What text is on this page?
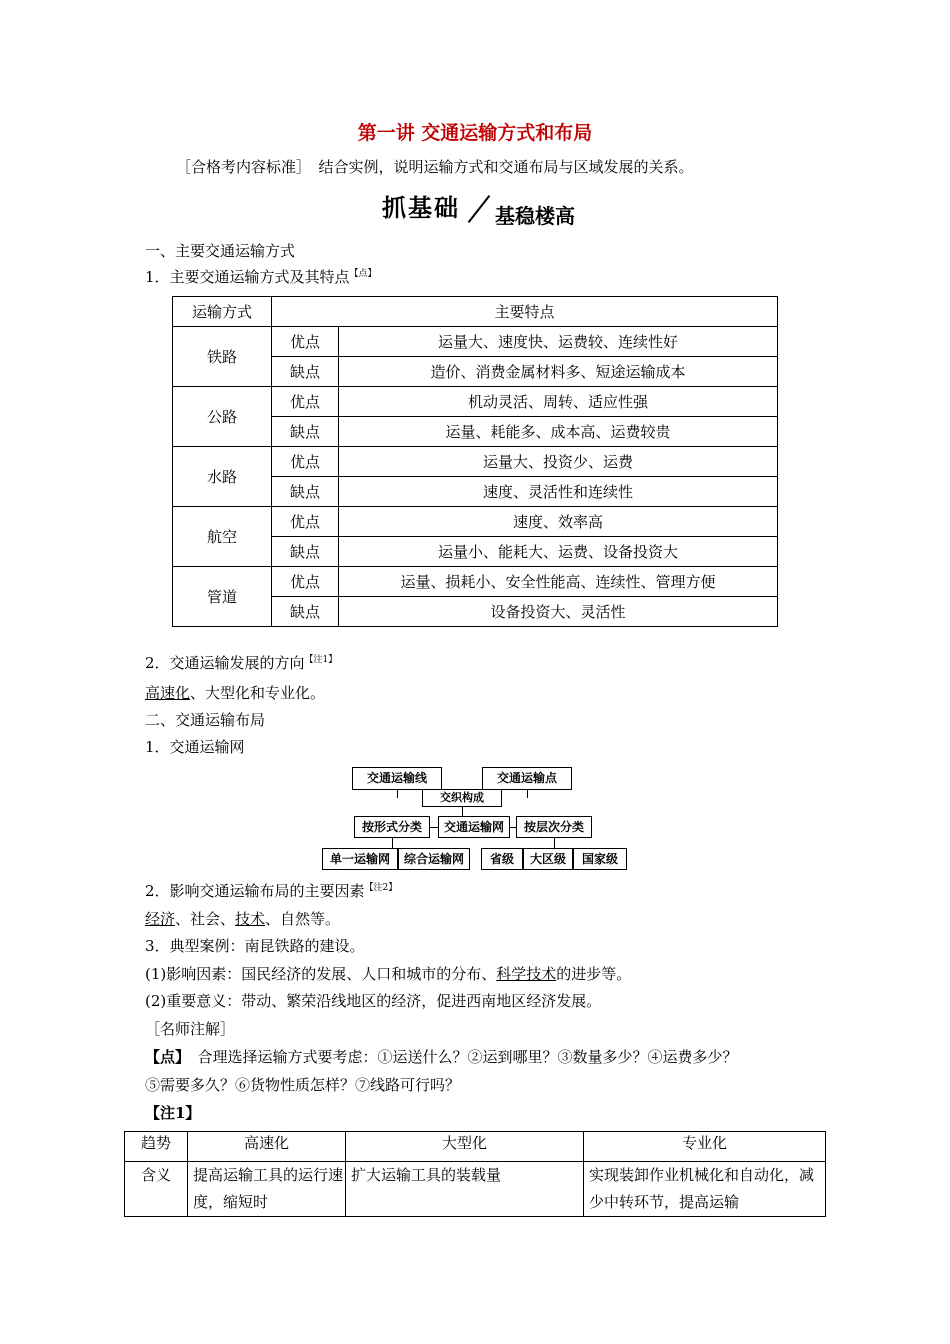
第一讲 交通运输方式和布局
［合格考内容标准］　结合实例，说明运输方式和交通布局与区域发展的关系。
抓基础 基稳楼高
一、主要交通运输方式
1．主要交通运输方式及其特点$^{【点】}$
运输方式	主要特点	
铁路	优点	运量大、速度快、运费较、连续性好
	缺点	造价、消费金属材料多、短途运输成本
公路	优点	机动灵活、周转、适应性强
	缺点	运量、耗能多、成本高、运费较贵
水路	优点	运量大、投资少、运费
	缺点	速度、灵活性和连续性
航空	优点	速度、效率高
	缺点	运量小、能耗大、运费、设备投资大
管道	优点	运量、损耗小、安全性能高、连续性、管理方便
	缺点	设备投资大、灵活性
2．交通运输发展的方向$^{【注1】}$
高速化、大型化和专业化。
二、交通运输布局
1．交通运输网
交通运输线	交通运输点
交织构成
按形式分类	交通运输网	按层次分类
单一运输网	综合运输网	省级	大区级	国家级
2．影响交通运输布局的主要因素$^{【注2】}$
经济、社会、技术、自然等。
3．典型案例：南昆铁路的建设。
(1)影响因素：国民经济的发展、人口和城市的分布、科学技术的进步等。
(2)重要意义：带动、繁荣沿线地区的经济，促进西南地区经济发展。
［名师注解］
【点】　合理选择运输方式要考虑：①运送什么？②运到哪里？③数量多少？④运费多少？
⑤需要多久？⑥货物性质怎样？⑦线路可行吗？
【注1】
趋势	高速化	大型化	专业化
含义	提高运输工具的运行速度，缩短时	扩大运输工具的装载量	实现装卸作业机械化和自动化，减少中转环节，提高运输
